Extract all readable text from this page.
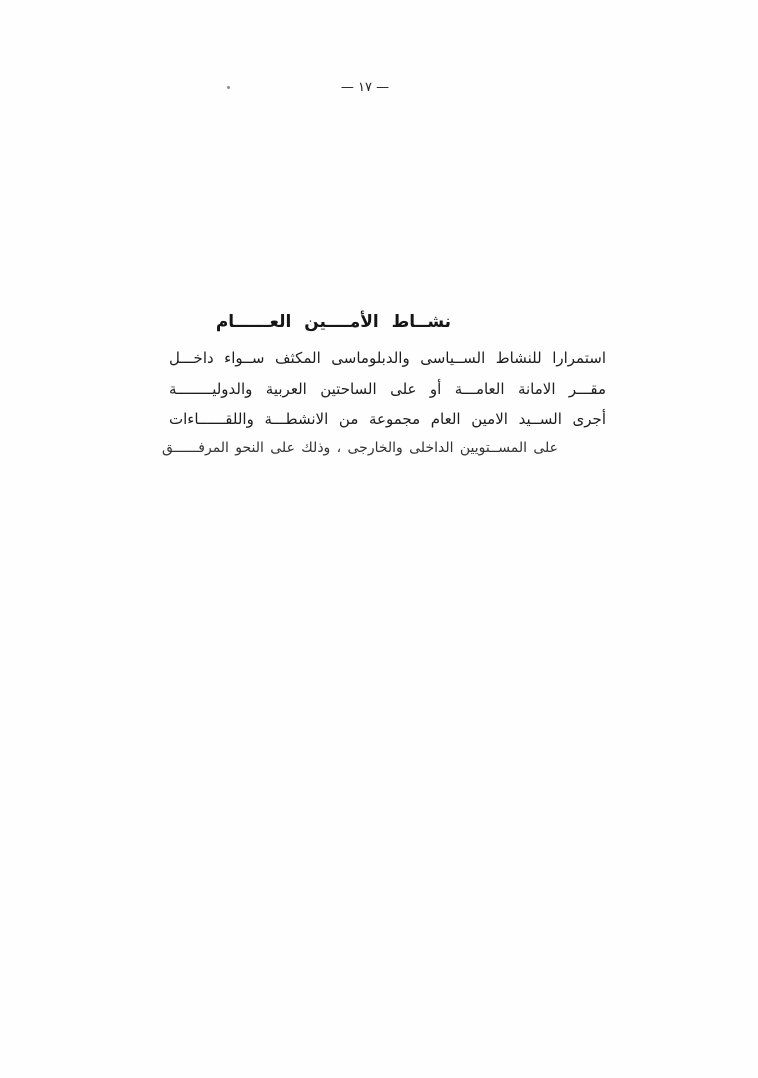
— ١٧ —
نشــاط الأمــــين العــــــام
استمرارا للنشاط الســياسى والدبلوماسى المكثف ســواء داخـــل
مقـــر الامانة العامـــة أو على الساحتين العربية والدوليــــــــة
أجرى الســيد الامين العام مجموعة من الانشطـــة واللقــــــاءات
على المســتويين الداخلى والخارجى ، وذلك على النحو المرفــــــق
